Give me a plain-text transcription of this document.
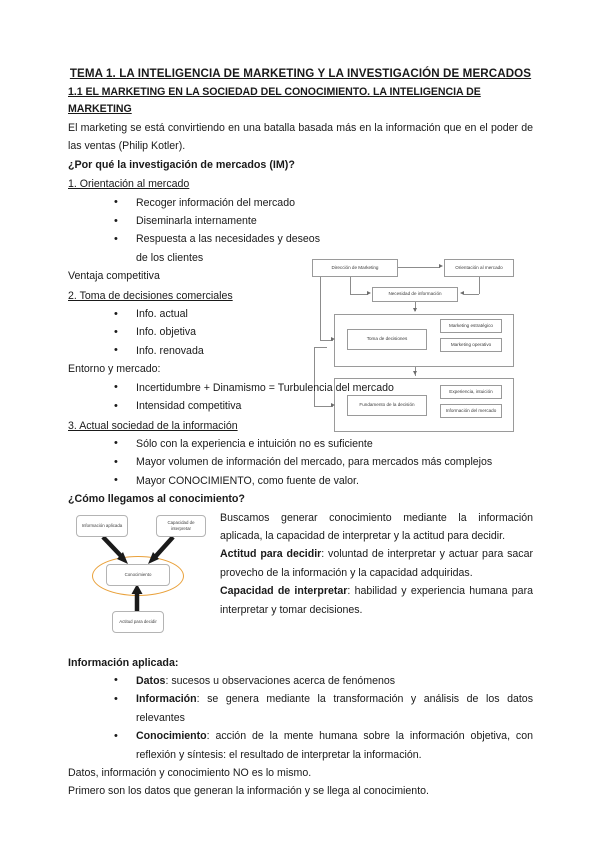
TEMA 1. LA INTELIGENCIA DE MARKETING Y LA INVESTIGACIÓN DE MERCADOS
1.1 EL MARKETING EN LA SOCIEDAD DEL CONOCIMIENTO. LA INTELIGENCIA DE MARKETING

El marketing se está convirtiendo en una batalla basada más en la información que en el poder de las ventas (Philip Kotler).

¿Por qué la investigación de mercados (IM)?
1. Orientación al mercado
• Recoger información del mercado
• Diseminarla internamente
• Respuesta a las necesidades y deseos de los clientes

Ventaja competitiva

2. Toma de decisiones comerciales
• Info. actual
• Info. objetiva
• Info. renovada
Dirección de Marketing	Orientación al mercado
Necesidad de información
Toma de decisiones
Marketing estratégico
Marketing operativo
Fundamento de la decisión
Experiencia, intuición
Información del mercado

Entorno y mercado:

• Incertidumbre + Dinamismo = Turbulencia del mercado
• Intensidad competitiva
3. Actual sociedad de la información
• Sólo con la experiencia e intuición no es suficiente
• Mayor volumen de información del mercado, para mercados más complejos
• Mayor CONOCIMIENTO, como fuente de valor.
¿Cómo llegamos al conocimiento?
Información aplicada
Capacidad de interpretar
Conocimiento
Actitud para decidir

Buscamos generar conocimiento mediante la información aplicada, la capacidad de interpretar y la actitud para decidir.

Actitud para decidir: voluntad de interpretar y actuar para sacar provecho de la información y la capacidad adquiridas.

Capacidad de interpretar: habilidad y experiencia humana para interpretar y tomar decisiones.

Información aplicada:

• Datos: sucesos u observaciones acerca de fenómenos
• Información: se genera mediante la transformación y análisis de los datos relevantes
• Conocimiento: acción de la mente humana sobre la información objetiva, con reflexión y síntesis: el resultado de interpretar la información.

Datos, información y conocimiento NO es lo mismo.

Primero son los datos que generan la información y se llega al conocimiento.
